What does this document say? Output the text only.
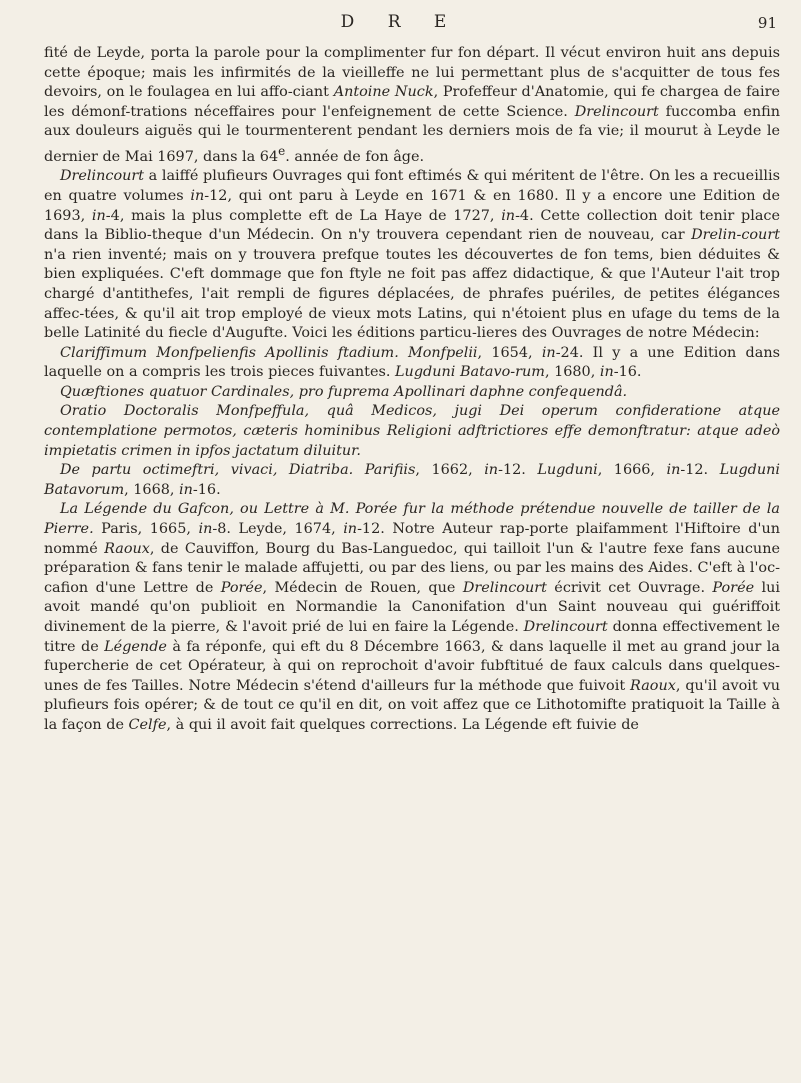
D R E	91

fité de Leyde, porta la parole pour la complimenter fur fon départ. Il vécut environ huit ans depuis cette époque; mais les infirmités de la vieilleffe ne lui permettant plus de s'acquitter de tous fes devoirs, on le foulagea en lui affo-ciant Antoine Nuck, Profeffeur d'Anatomie, qui fe chargea de faire les démonf-trations néceffaires pour l'enfeignement de cette Science. Drelincourt fuccomba enfin aux douleurs aiguës qui le tourmenterent pendant les derniers mois de fa vie; il mourut à Leyde le dernier de Mai 1697, dans la 64e. année de fon âge.

Drelincourt a laiffé plufieurs Ouvrages qui font eftimés & qui méritent de l'être. On les a recueillis en quatre volumes in-12, qui ont paru à Leyde en 1671 & en 1680. Il y a encore une Edition de 1693, in-4, mais la plus complette eft de La Haye de 1727, in-4. Cette collection doit tenir place dans la Biblio-theque d'un Médecin. On n'y trouvera cependant rien de nouveau, car Drelin-court n'a rien inventé; mais on y trouvera prefque toutes les découvertes de fon tems, bien déduites & bien expliquées. C'eft dommage que fon ftyle ne foit pas affez didactique, & que l'Auteur l'ait trop chargé d'antithefes, l'ait rempli de figures déplacées, de phrafes puériles, de petites élégances affec-tées, & qu'il ait trop employé de vieux mots Latins, qui n'étoient plus en ufage du tems de la belle Latinité du fiecle d'Augufte. Voici les éditions particu-lieres des Ouvrages de notre Médecin:

Clariffimum Monfpelienfis Apollinis ftadium. Monfpelii, 1654, in-24. Il y a une Edition dans laquelle on a compris les trois pieces fuivantes. Lugduni Batavo-rum, 1680, in-16.

Quæftiones quatuor Cardinales, pro fuprema Apollinari daphne confequendâ.

Oratio Doctoralis Monfpeffula, quâ Medicos, jugi Dei operum confideratione atque contemplatione permotos, cæteris hominibus Religioni adftrictiores effe demonftratur: atque adeò impietatis crimen in ipfos jactatum diluitur.

De partu octimeftri, vivaci, Diatriba. Parifiis, 1662, in-12. Lugduni, 1666, in-12. Lugduni Batavorum, 1668, in-16.

La Légende du Gafcon, ou Lettre à M. Porée fur la méthode prétendue nouvelle de tailler de la Pierre. Paris, 1665, in-8. Leyde, 1674, in-12. Notre Auteur rap-porte plaifamment l'Hiftoire d'un nommé Raoux, de Cauviffon, Bourg du Bas-Languedoc, qui tailloit l'un & l'autre fexe fans aucune préparation & fans tenir le malade affujetti, ou par des liens, ou par les mains des Aides. C'eft à l'oc-cafion d'une Lettre de Porée, Médecin de Rouen, que Drelincourt écrivit cet Ouvrage. Porée lui avoit mandé qu'on publioit en Normandie la Canonifation d'un Saint nouveau qui guériffoit divinement de la pierre, & l'avoit prié de lui en faire la Légende. Drelincourt donna effectivement le titre de Légende à fa réponfe, qui eft du 8 Décembre 1663, & dans laquelle il met au grand jour la fupercherie de cet Opérateur, à qui on reprochoit d'avoir fubftitué de faux calculs dans quelques-unes de fes Tailles. Notre Médecin s'étend d'ailleurs fur la méthode que fuivoit Raoux, qu'il avoit vu plufieurs fois opérer; & de tout ce qu'il en dit, on voit affez que ce Lithotomifte pratiquoit la Taille à la façon de Celfe, à qui il avoit fait quelques corrections. La Légende eft fuivie de
